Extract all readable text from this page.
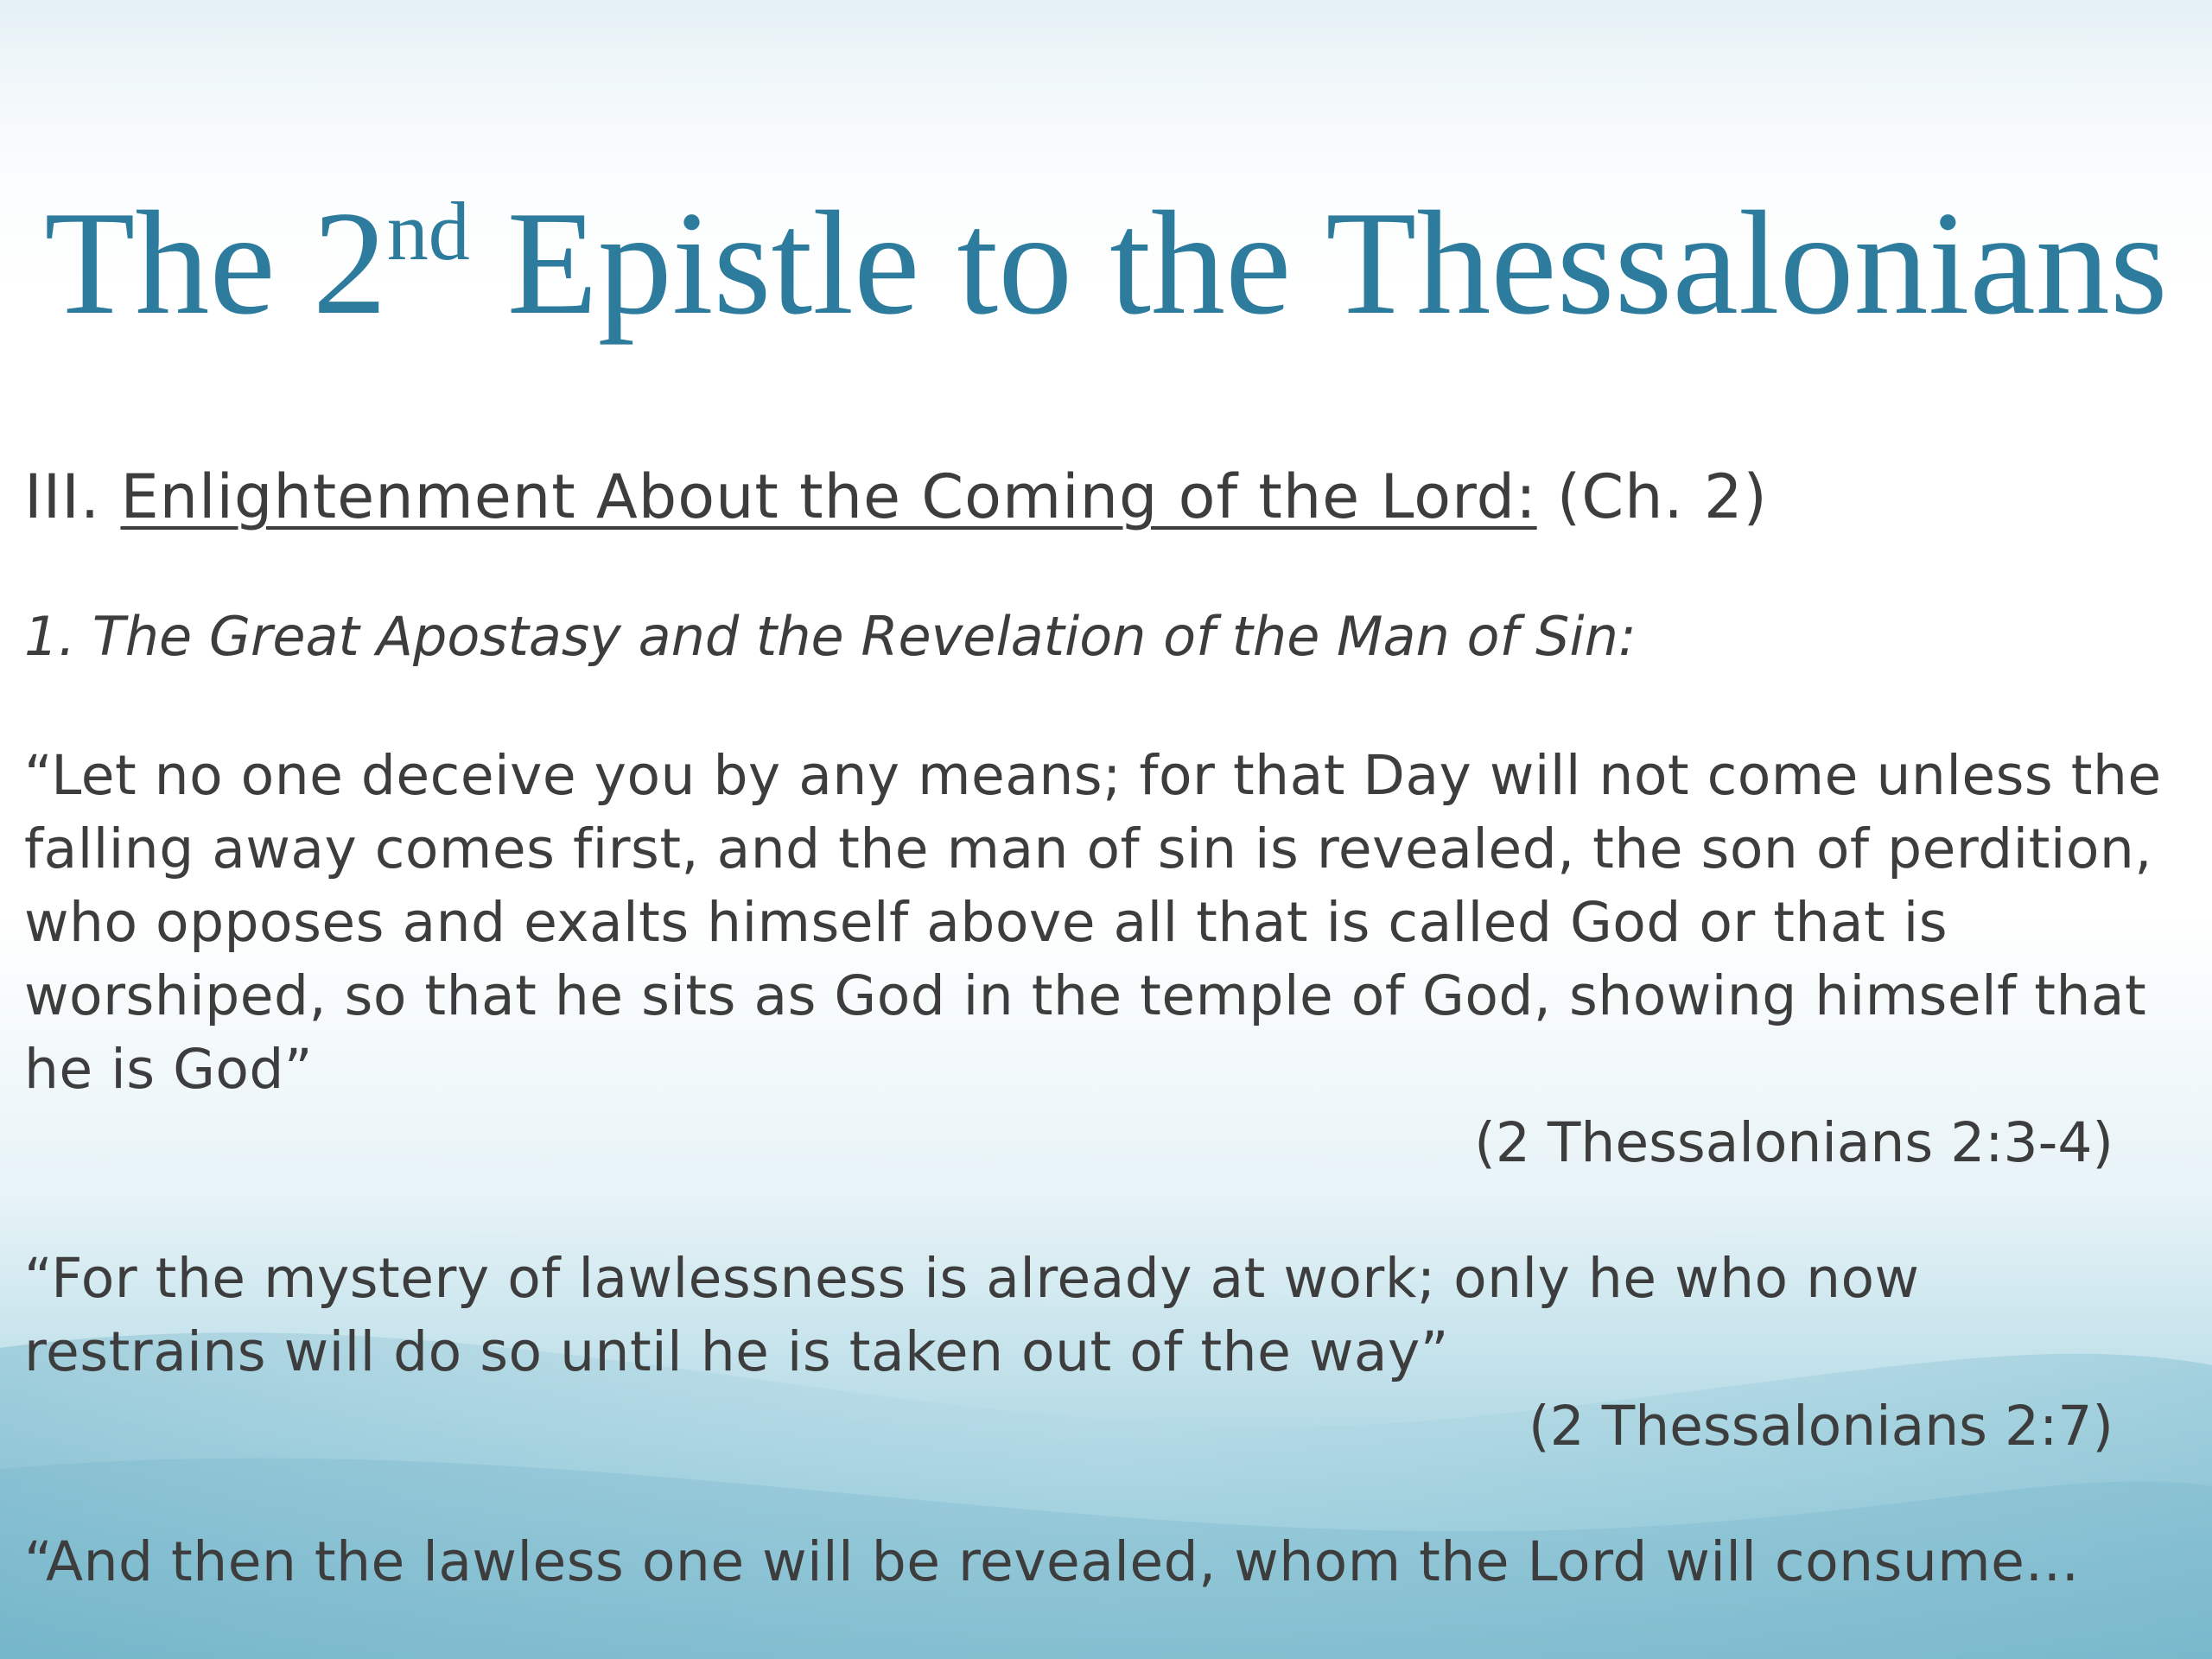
The 2nd Epistle to the Thessalonians
III. Enlightenment About the Coming of the Lord: (Ch. 2)
1. The Great Apostasy and the Revelation of the Man of Sin:
“Let no one deceive you by any means; for that Day will not come unless the falling away comes first, and the man of sin is revealed, the son of perdition, who opposes and exalts himself above all that is called God or that is worshiped, so that he sits as God in the temple of God, showing himself that he is God”
(2 Thessalonians 2:3-4)
“For the mystery of lawlessness is already at work; only he who now restrains will do so until he is taken out of the way”
(2 Thessalonians 2:7)
“And then the lawless one will be revealed, whom the Lord will consume…
